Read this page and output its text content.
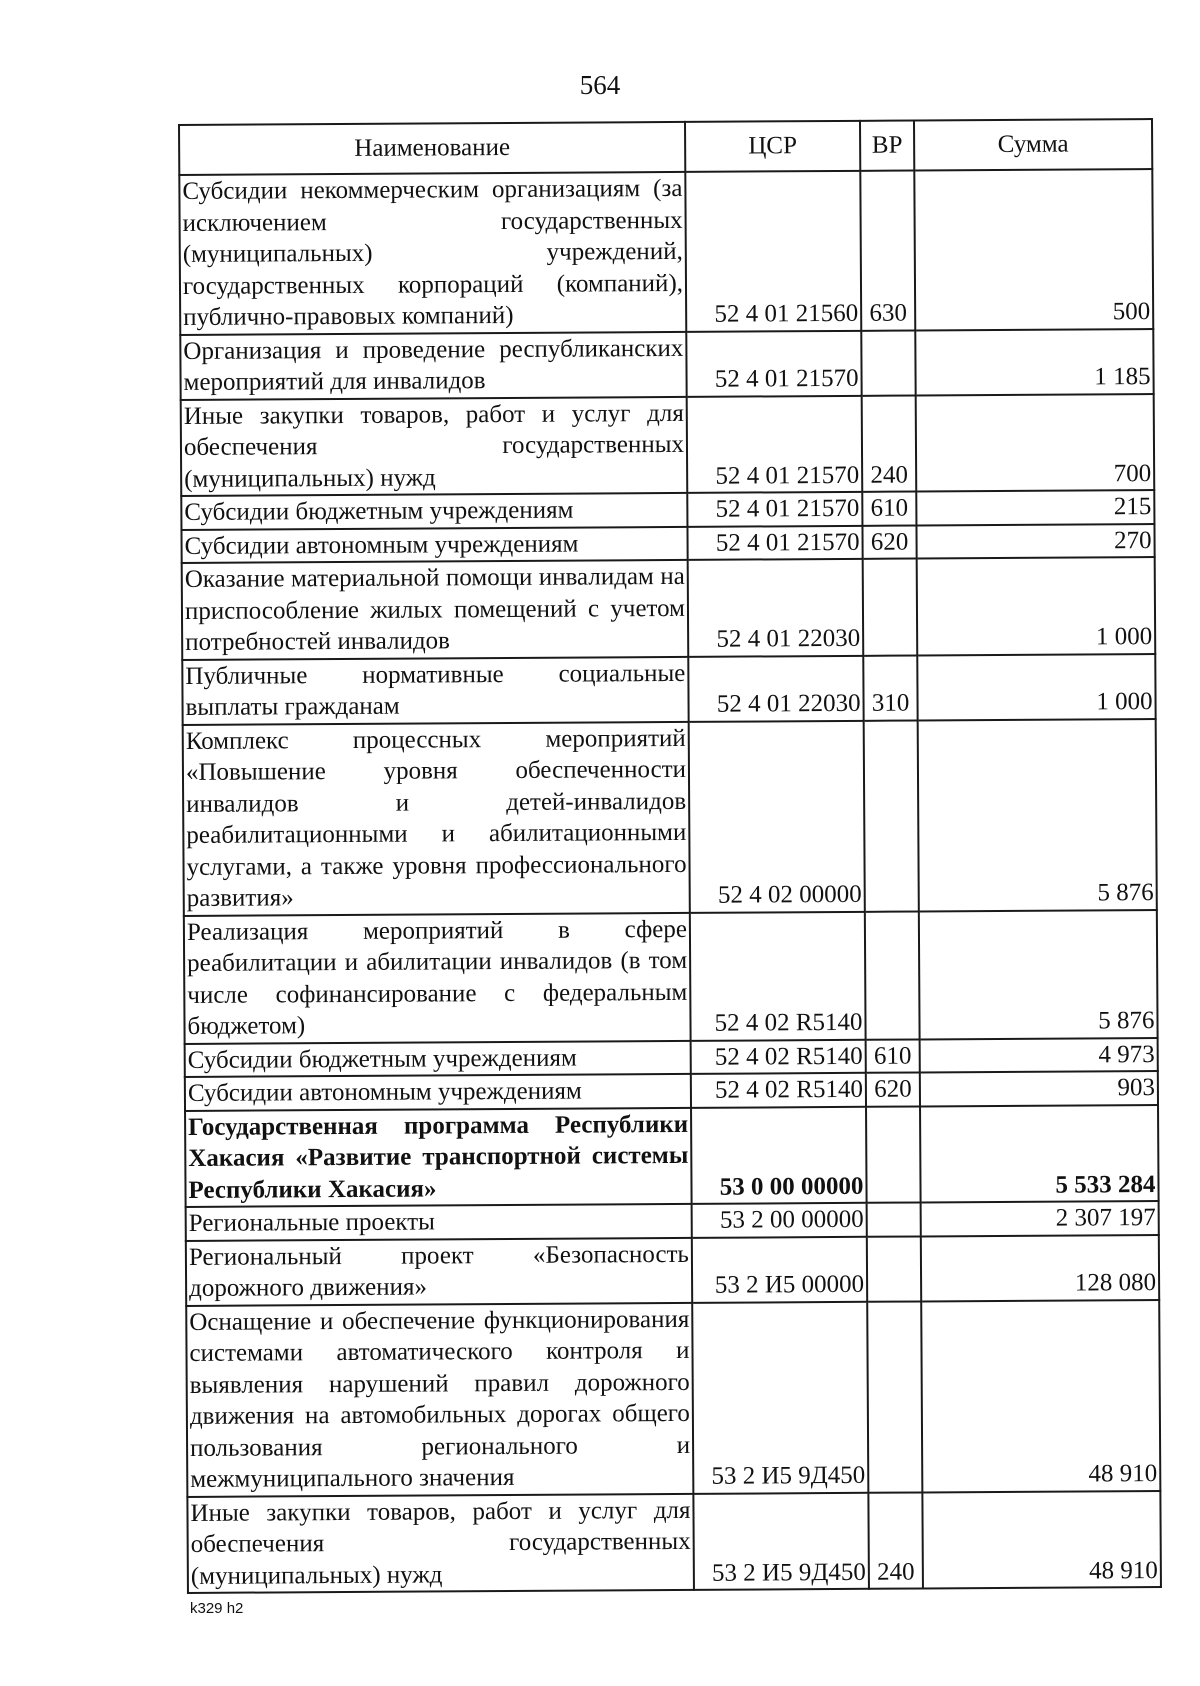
564
Наименование	ЦСР	ВР	Сумма
Субсидии некоммерческим организациям (за исключением государственных (муниципальных) учреждений, государственных корпораций (компаний), публично-правовых компаний)	52 4 01 21560	630	500
Организация и проведение республиканских мероприятий для инвалидов	52 4 01 21570		1 185
Иные закупки товаров, работ и услуг для обеспечения государственных (муниципальных) нужд	52 4 01 21570	240	700
Субсидии бюджетным учреждениям	52 4 01 21570	610	215
Субсидии автономным учреждениям	52 4 01 21570	620	270
Оказание материальной помощи инвалидам на приспособление жилых помещений с учетом потребностей инвалидов	52 4 01 22030		1 000
Публичные нормативные социальные выплаты гражданам	52 4 01 22030	310	1 000
Комплекс процессных мероприятий «Повышение уровня обеспеченности инвалидов и детей-инвалидов реабилитационными и абилитационными услугами, а также уровня профессионального развития»	52 4 02 00000		5 876
Реализация мероприятий в сфере реабилитации и абилитации инвалидов (в том числе софинансирование с федеральным бюджетом)	52 4 02 R5140		5 876
Субсидии бюджетным учреждениям	52 4 02 R5140	610	4 973
Субсидии автономным учреждениям	52 4 02 R5140	620	903
Государственная программа Республики Хакасия «Развитие транспортной системы Республики Хакасия»	53 0 00 00000		5 533 284
Региональные проекты	53 2 00 00000		2 307 197
Региональный проект «Безопасность дорожного движения»	53 2 И5 00000		128 080
Оснащение и обеспечение функционирования системами автоматического контроля и выявления нарушений правил дорожного движения на автомобильных дорогах общего пользования регионального и межмуниципального значения	53 2 И5 9Д450		48 910
Иные закупки товаров, работ и услуг для обеспечения государственных (муниципальных) нужд	53 2 И5 9Д450	240	48 910
k329 h2
